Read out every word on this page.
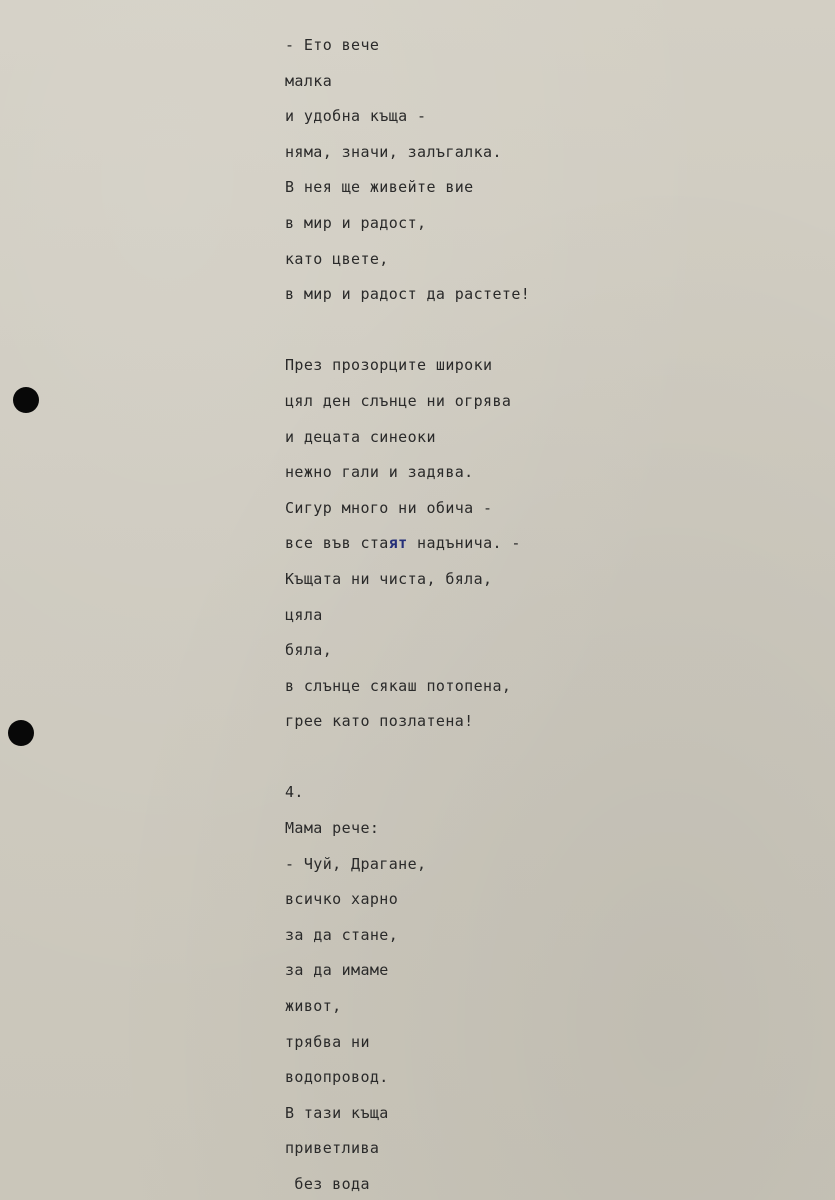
- Ето вече
малка
и удобна къща -
няма, значи, залъгалка.
В нея ще живейте вие
в мир и радост,
като цвете,
в мир и радост да растете!
През прозорците широки
цял ден слънце ни огрява
и децата синеоки
нежно гали и задява.
Сигур много ни обича -
все във стаят надънича. -
Къщата ни чиста, бяла,
цяла
бяла,
в слънце сякаш потопена,
грее като позлатена!
4.
Мама рече:
- Чуй, Драгане,
всичко харно
за да стане,
за да имаме
живот,
трябва ни
водопровод.
В тази къща
приветлива
без вода
